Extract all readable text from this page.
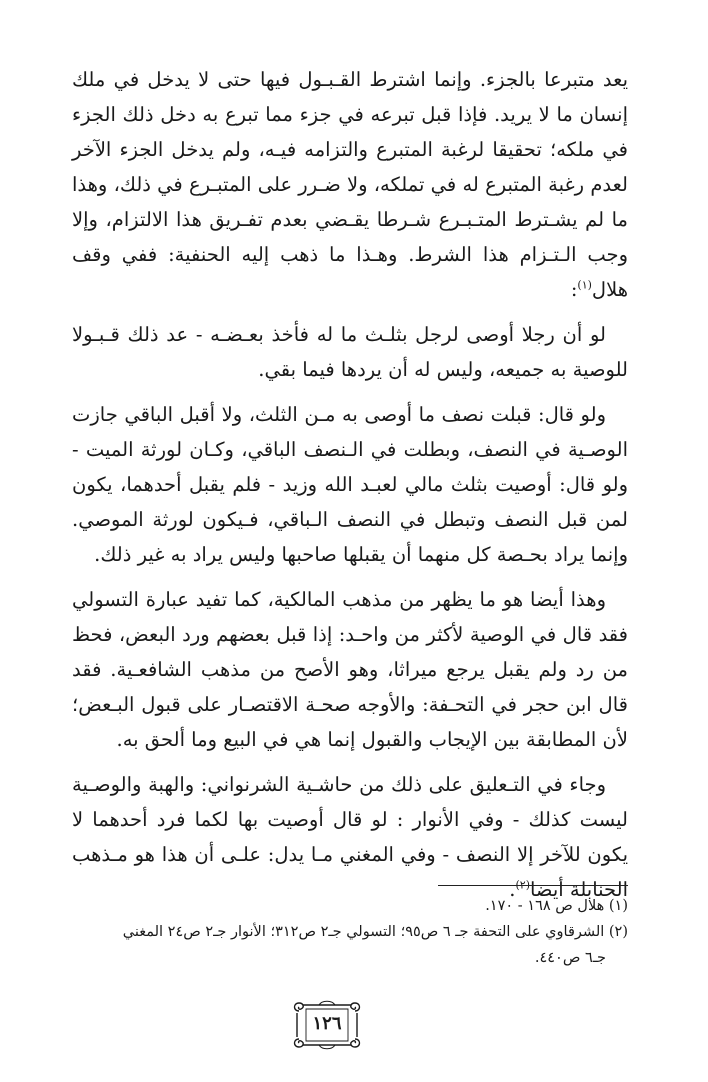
يعد متبرعا بالجزء. وإنما اشترط القـبـول فيها حتى لا يدخل في ملك إنسان ما لا يريد. فإذا قبل تبرعه في جزء مما تبرع به دخل ذلك الجزء في ملكه؛ تحقيقا لرغبة المتبرع والتزامه فيـه، ولم يدخل الجزء الآخر لعدم رغبة المتبرع له في تملكه، ولا ضـرر على المتبـرع في ذلك، وهذا ما لم يشـترط المتـبـرع شـرطا يقـضي بعدم تفـريق هذا الالتزام، وإلا وجب الـتـزام هذا الشرط. وهـذا ما ذهب إليه الحنفية: ففي وقف هلال$^{(١)}$:

لو أن رجلا أوصى لرجل بثلـث ما له فأخذ بعـضـه - عد ذلك قـبـولا للوصية به جميعه، وليس له أن يردها فيما بقي.

ولو قال: قبلت نصف ما أوصى به مـن الثلث، ولا أقبل الباقي جازت الوصـية في النصف، وبطلت في الـنصف الباقي، وكـان لورثة الميت - ولو قال: أوصيت بثلث مالي لعبـد الله وزيد - فلم يقبل أحدهما، يكون لمن قبل النصف وتبطل في النصف الـباقي، فـيكون لورثة الموصي. وإنما يراد بحـصة كل منهما أن يقبلها صاحبها وليس يراد به غير ذلك.

وهذا أيضا هو ما يظهر من مذهب المالكية، كما تفيد عبارة التسولي فقد قال في الوصية لأكثر من واحـد: إذا قبل بعضهم ورد البعض، فحظ من رد ولم يقبل يرجع ميراثا، وهو الأصح من مذهب الشافعـية. فقد قال ابن حجر في التحـفة: والأوجه صحـة الاقتصـار على قبول البـعض؛ لأن المطابقة بين الإيجاب والقبول إنما هي في البيع وما ألحق به.

وجاء في التـعليق على ذلك من حاشـية الشرنواني: والهبة والوصـية ليست كذلك - وفي الأنوار : لو قال أوصيت بها لكما فرد أحدهما لا يكون للآخر إلا النصف - وفي المغني مـا يدل: علـى أن هذا هو مـذهب الحنابلة أيضا$^{(٢)}$.

(١) هلال ص ١٦٨ - ١٧٠.

(٢) الشرقاوي على التحفة جـ ٦ ص٩٥؛ التسولي جـ٢ ص٣١٢؛ الأنوار جـ٢ ص٢٤ المغني
جـ٦ ص٤٤٠.

١٢٦
